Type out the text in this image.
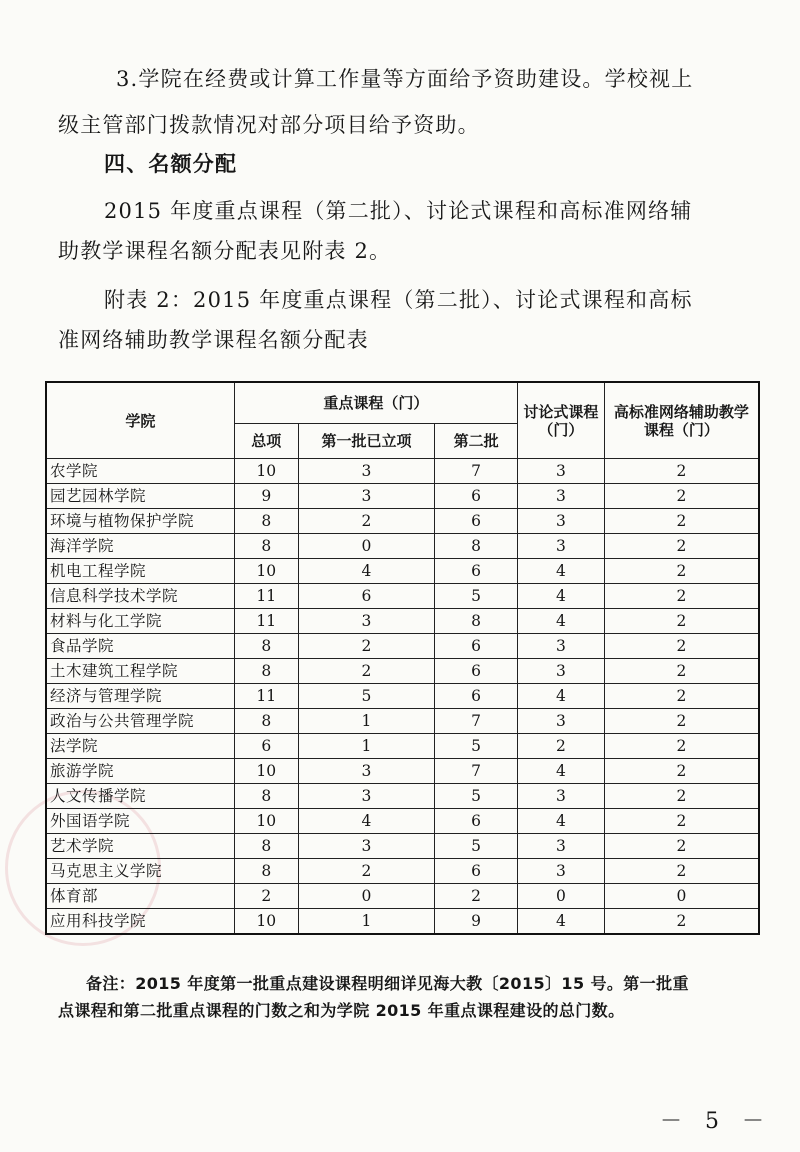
3.学院在经费或计算工作量等方面给予资助建设。学校视上
级主管部门拨款情况对部分项目给予资助。
四、名额分配
2015 年度重点课程（第二批）、讨论式课程和高标准网络辅
助教学课程名额分配表见附表 2。
附表 2：2015 年度重点课程（第二批）、讨论式课程和高标
准网络辅助教学课程名额分配表
学院	重点课程（门）			讨论式课程（门）	高标准网络辅助教学课程（门）
	总项	第一批已立项	第二批		
农学院	10	3	7	3	2
园艺园林学院	9	3	6	3	2
环境与植物保护学院	8	2	6	3	2
海洋学院	8	0	8	3	2
机电工程学院	10	4	6	4	2
信息科学技术学院	11	6	5	4	2
材料与化工学院	11	3	8	4	2
食品学院	8	2	6	3	2
土木建筑工程学院	8	2	6	3	2
经济与管理学院	11	5	6	4	2
政治与公共管理学院	8	1	7	3	2
法学院	6	1	5	2	2
旅游学院	10	3	7	4	2
人文传播学院	8	3	5	3	2
外国语学院	10	4	6	4	2
艺术学院	8	3	5	3	2
马克思主义学院	8	2	6	3	2
体育部	2	0	2	0	0
应用科技学院	10	1	9	4	2
备注：2015 年度第一批重点建设课程明细详见海大教〔2015〕15 号。第一批重
点课程和第二批重点课程的门数之和为学院 2015 年重点课程建设的总门数。
－ 5 －
